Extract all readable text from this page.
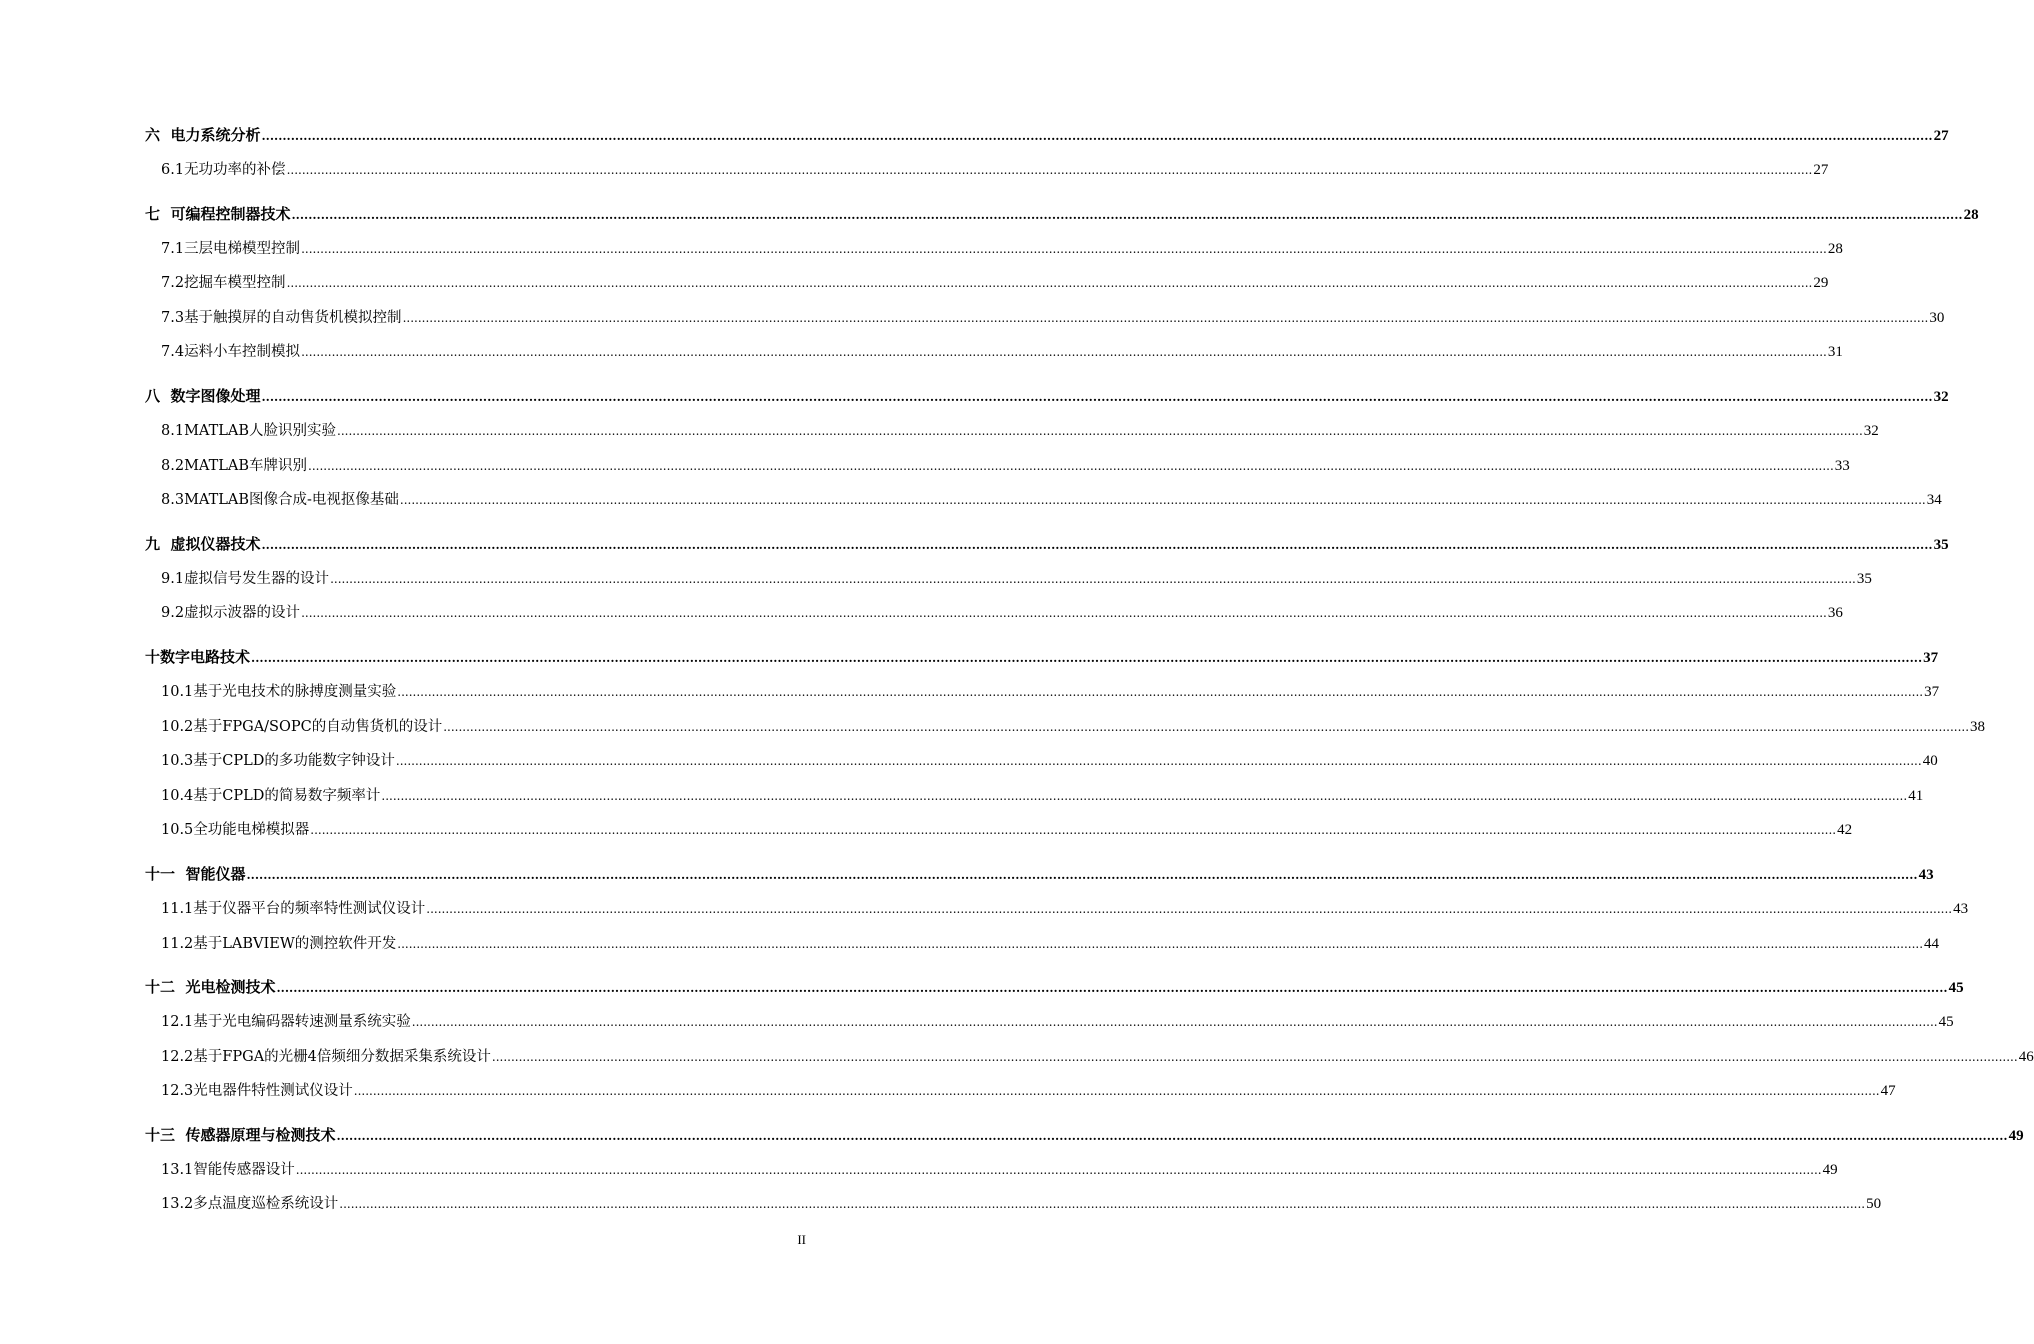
六
电力系统分析 ................................................................................................................................................................................................................................................................................................................................................................................................................ 27
6.1 无功功率的补偿 ................................................................................................................................................................................................................................................................................................................................................................................................................ 27
七
可编程控制器技术 ................................................................................................................................................................................................................................................................................................................................................................................................................ 28
7.1 三层电梯模型控制 ................................................................................................................................................................................................................................................................................................................................................................................................................ 28
7.2 挖掘车模型控制 ................................................................................................................................................................................................................................................................................................................................................................................................................ 29
7.3 基于触摸屏的自动售货机模拟控制 ................................................................................................................................................................................................................................................................................................................................................................................................................ 30
7.4 运料小车控制模拟 ................................................................................................................................................................................................................................................................................................................................................................................................................ 31
八
数字图像处理 ................................................................................................................................................................................................................................................................................................................................................................................................................ 32
8.1 MATLAB人脸识别实验 ................................................................................................................................................................................................................................................................................................................................................................................................................ 32
8.2 MATLAB车牌识别 ................................................................................................................................................................................................................................................................................................................................................................................................................ 33
8.3 MATLAB图像合成-电视抠像基础 ................................................................................................................................................................................................................................................................................................................................................................................................................ 34
九
虚拟仪器技术 ................................................................................................................................................................................................................................................................................................................................................................................................................ 35
9.1 虚拟信号发生器的设计 ................................................................................................................................................................................................................................................................................................................................................................................................................ 35
9.2 虚拟示波器的设计 ................................................................................................................................................................................................................................................................................................................................................................................................................ 36
十 数字电路技术 ................................................................................................................................................................................................................................................................................................................................................................................................................ 37
10.1 基于光电技术的脉搏度测量实验 ................................................................................................................................................................................................................................................................................................................................................................................................................ 37
10.2 基于FPGA/SOPC的自动售货机的设计 ................................................................................................................................................................................................................................................................................................................................................................................................................ 38
10.3 基于CPLD的多功能数字钟设计 ................................................................................................................................................................................................................................................................................................................................................................................................................ 40
10.4 基于CPLD的简易数字频率计 ................................................................................................................................................................................................................................................................................................................................................................................................................ 41
10.5 全功能电梯模拟器 ................................................................................................................................................................................................................................................................................................................................................................................................................ 42
十一
智能仪器 ................................................................................................................................................................................................................................................................................................................................................................................................................ 43
11.1 基于仪器平台的频率特性测试仪设计 ................................................................................................................................................................................................................................................................................................................................................................................................................ 43
11.2 基于LABVIEW的测控软件开发 ................................................................................................................................................................................................................................................................................................................................................................................................................ 44
十二
光电检测技术 ................................................................................................................................................................................................................................................................................................................................................................................................................ 45
12.1 基于光电编码器转速测量系统实验 ................................................................................................................................................................................................................................................................................................................................................................................................................ 45
12.2 基于FPGA的光栅4倍频细分数据采集系统设计 ................................................................................................................................................................................................................................................................................................................................................................................................................ 46
12.3 光电器件特性测试仪设计 ................................................................................................................................................................................................................................................................................................................................................................................................................ 47
十三
传感器原理与检测技术 ................................................................................................................................................................................................................................................................................................................................................................................................................ 49
13.1 智能传感器设计 ................................................................................................................................................................................................................................................................................................................................................................................................................ 49
13.2 多点温度巡检系统设计 ................................................................................................................................................................................................................................................................................................................................................................................................................ 50
II
